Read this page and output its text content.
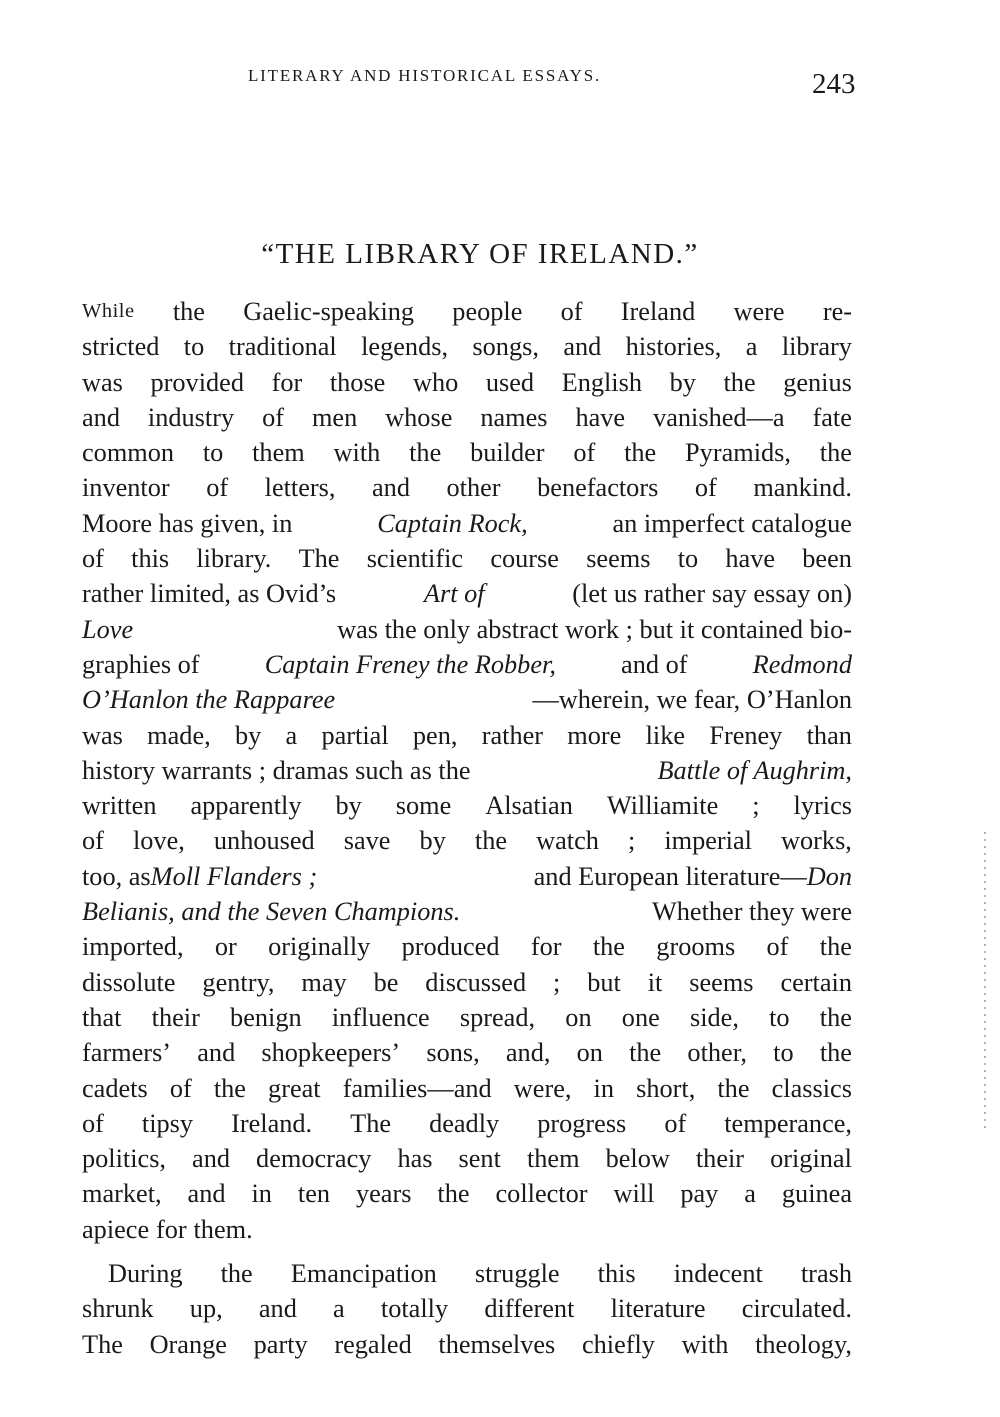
LITERARY AND HISTORICAL ESSAYS.	243
“THE LIBRARY OF IRELAND.”
While the Gaelic-speaking people of Ireland were re-
stricted to traditional legends, songs, and histories, a library
was provided for those who used English by the genius
and industry of men whose names have vanished—a fate
common to them with the builder of the Pyramids, the
inventor of letters, and other benefactors of mankind.
Moore has given, in	Captain Rock,	an imperfect catalogue
of this library. The scientific course seems to have been
rather limited, as Ovid’s	Art of	(let us rather say essay on)
Love	was the only abstract work ; but it contained bio-
graphies of Captain Freney the Robber, and of Redmond
O’Hanlon the Rapparee	—wherein, we fear, O’Hanlon
was made, by a partial pen, rather more like Freney than
history warrants ; dramas such as the	Battle of Aughrim,
written apparently by some Alsatian Williamite ; lyrics
of love, unhoused save by the watch ; imperial works,
too, as Moll Flanders ;	and European literature— Don
Belianis, and the Seven Champions.	Whether they were
imported, or originally produced for the grooms of the
dissolute gentry, may be discussed ; but it seems certain
that their benign influence spread, on one side, to the
farmers’ and shopkeepers’ sons, and, on the other, to the
cadets of the great families—and were, in short, the classics
of tipsy Ireland. The deadly progress of temperance,
politics, and democracy has sent them below their original
market, and in ten years the collector will pay a guinea
apiece for them.
During the Emancipation struggle this indecent trash
shrunk up, and a totally different literature circulated.
The Orange party regaled themselves chiefly with theology,
